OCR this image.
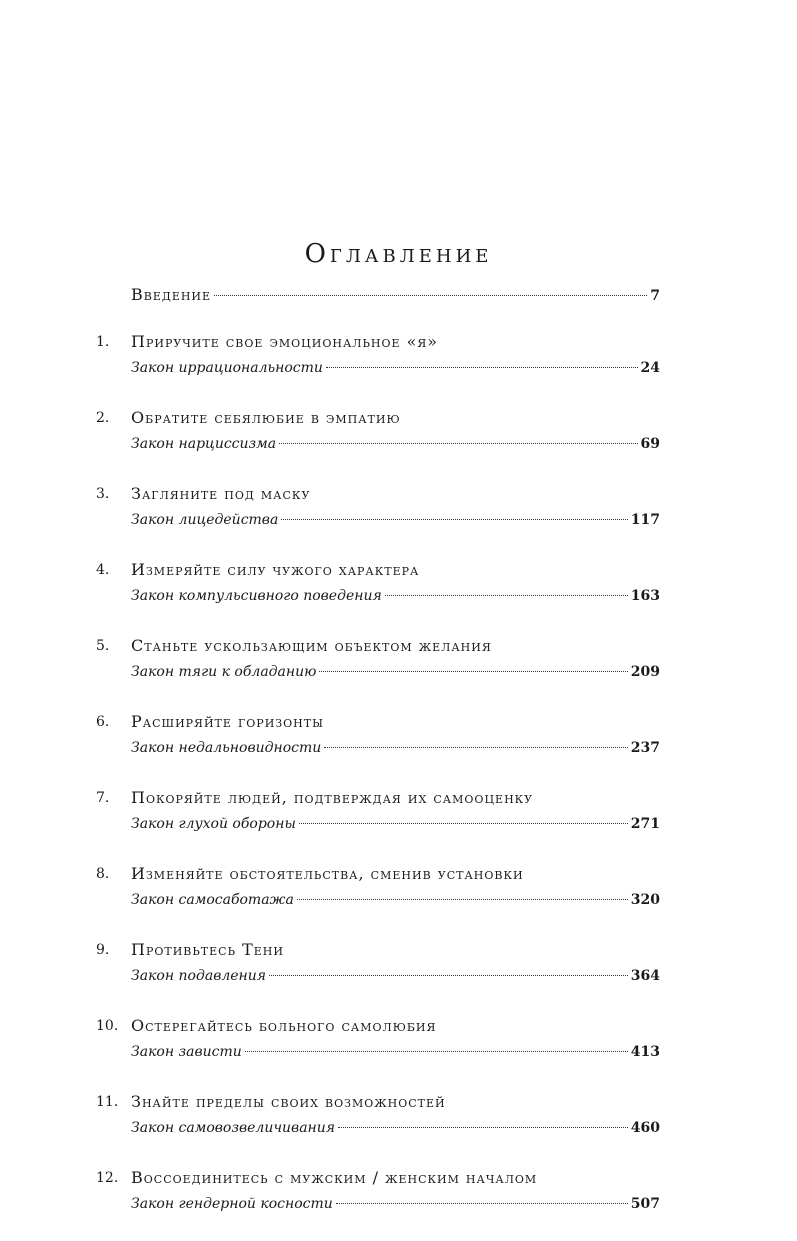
Оглавление
Введение	7
1.	Приручите свое эмоциональное «я»
Закон иррациональности	24
2.	Обратите себялюбие в эмпатию
Закон нарциссизма	69
3.	Загляните под маску
Закон лицедейства	117
4.	Измеряйте силу чужого характера
Закон компульсивного поведения	163
5.	Станьте ускользающим объектом желания
Закон тяги к обладанию	209
6.	Расширяйте горизонты
Закон недальновидности	237
7.	Покоряйте людей, подтверждая их самооценку
Закон глухой обороны	271
8.	Изменяйте обстоятельства, сменив установки
Закон самосаботажа	320
9.	Противьтесь Тени
Закон подавления	364
10. Остерегайтесь больного самолюбия
Закон зависти	413
11. Знайте пределы своих возможностей
Закон самовозвеличивания	460
12. Воссоединитесь с мужским / женским началом
Закон гендерной косности	507
